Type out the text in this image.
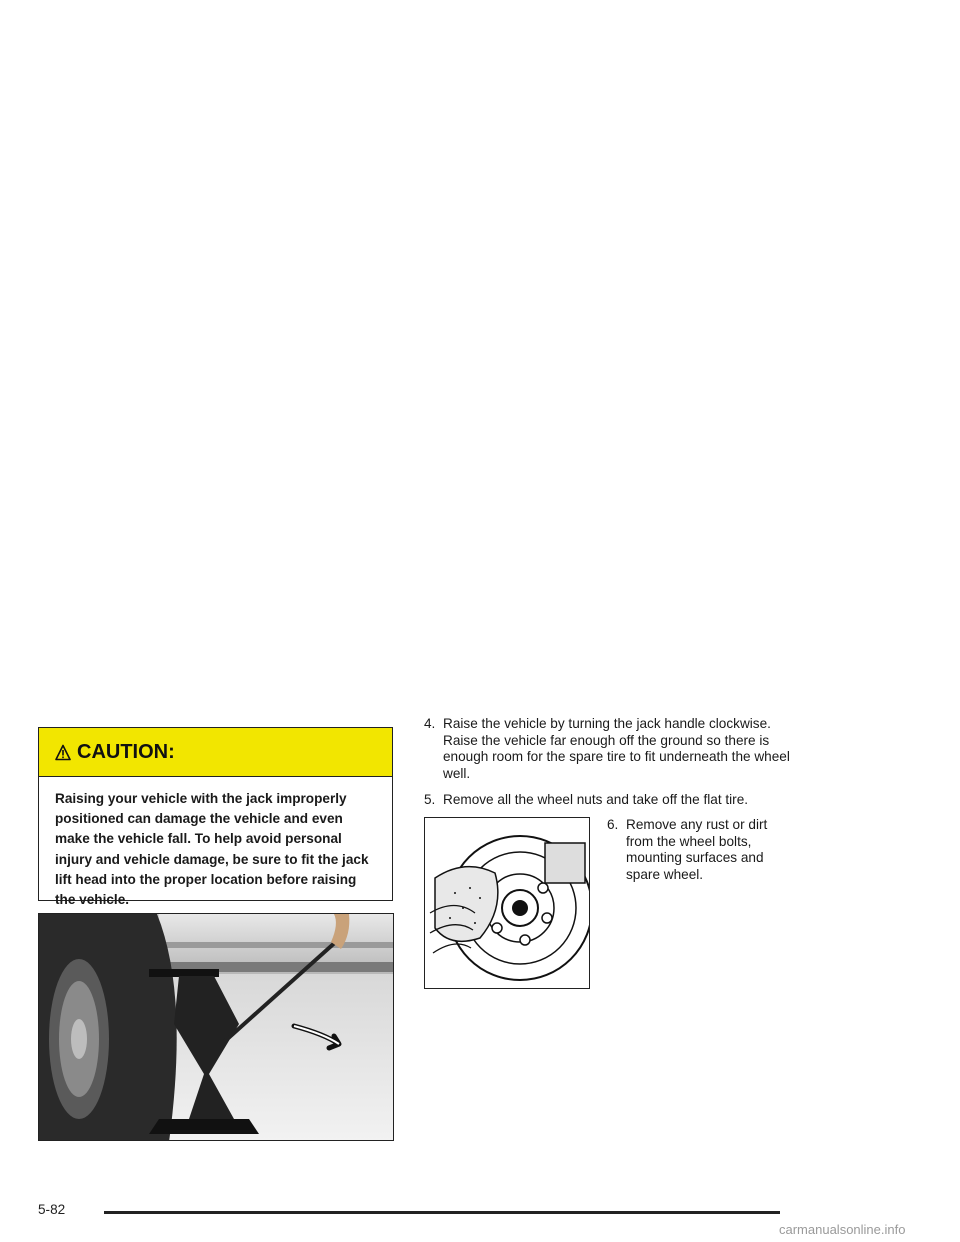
CAUTION:
Raising your vehicle with the jack improperly positioned can damage the vehicle and even make the vehicle fall. To help avoid personal injury and vehicle damage, be sure to fit the jack lift head into the proper location before raising the vehicle.
4. Raise the vehicle by turning the jack handle clockwise. Raise the vehicle far enough off the ground so there is enough room for the spare tire to fit underneath the wheel well.
5. Remove all the wheel nuts and take off the flat tire.
6. Remove any rust or dirt from the wheel bolts, mounting surfaces and spare wheel.
5-82
carmanualsonline.info
